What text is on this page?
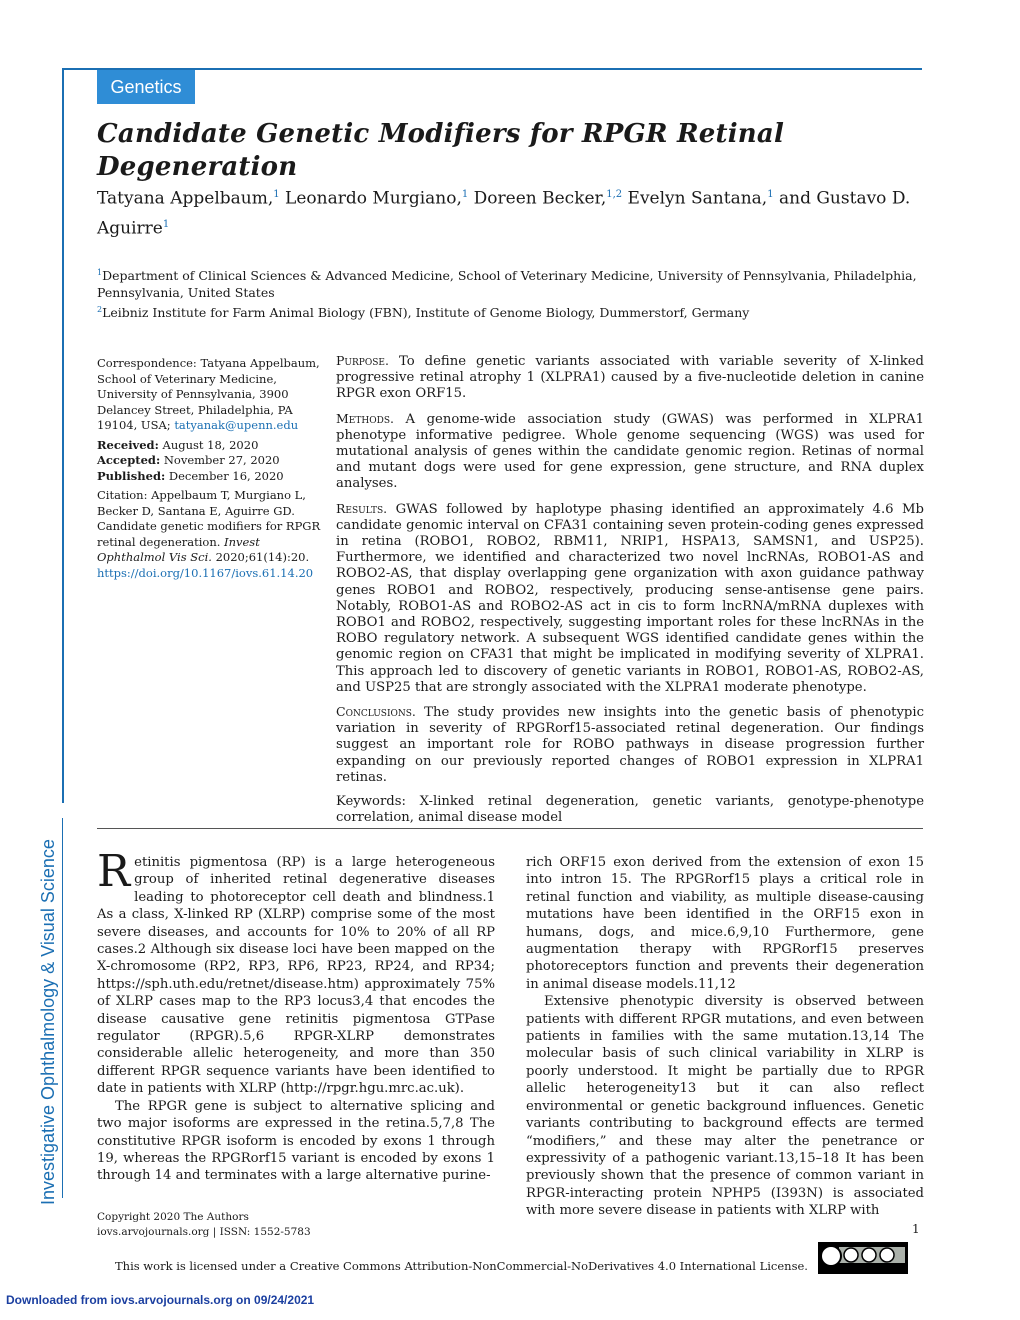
Genetics
Investigative Ophthalmology & Visual Science
Candidate Genetic Modifiers for RPGR Retinal Degeneration
Tatyana Appelbaum,$^1$ Leonardo Murgiano,$^1$ Doreen Becker,$^{1,2}$ Evelyn Santana,$^1$ and Gustavo D. Aguirre$^1$
$^1$Department of Clinical Sciences & Advanced Medicine, School of Veterinary Medicine, University of Pennsylvania, Philadelphia, Pennsylvania, United States
$^2$Leibniz Institute for Farm Animal Biology (FBN), Institute of Genome Biology, Dummerstorf, Germany

Correspondence: Tatyana Appelbaum, School of Veterinary Medicine, University of Pennsylvania, 3900 Delancey Street, Philadelphia, PA 19104, USA; tatyanak@upenn.edu

Received: August 18, 2020
Accepted: November 27, 2020
Published: December 16, 2020

Citation: Appelbaum T, Murgiano L, Becker D, Santana E, Aguirre GD. Candidate genetic modifiers for RPGR retinal degeneration. Invest Ophthalmol Vis Sci. 2020;61(14):20. https://doi.org/10.1167/iovs.61.14.20

Purpose. To define genetic variants associated with variable severity of X-linked progressive retinal atrophy 1 (XLPRA1) caused by a five-nucleotide deletion in canine RPGR exon ORF15.

Methods. A genome-wide association study (GWAS) was performed in XLPRA1 phenotype informative pedigree. Whole genome sequencing (WGS) was used for mutational analysis of genes within the candidate genomic region. Retinas of normal and mutant dogs were used for gene expression, gene structure, and RNA duplex analyses.

Results. GWAS followed by haplotype phasing identified an approximately 4.6 Mb candidate genomic interval on CFA31 containing seven protein-coding genes expressed in retina (ROBO1, ROBO2, RBM11, NRIP1, HSPA13, SAMSN1, and USP25). Furthermore, we identified and characterized two novel lncRNAs, ROBO1-AS and ROBO2-AS, that display overlapping gene organization with axon guidance pathway genes ROBO1 and ROBO2, respectively, producing sense-antisense gene pairs. Notably, ROBO1-AS and ROBO2-AS act in cis to form lncRNA/mRNA duplexes with ROBO1 and ROBO2, respectively, suggesting important roles for these lncRNAs in the ROBO regulatory network. A subsequent WGS identified candidate genes within the genomic region on CFA31 that might be implicated in modifying severity of XLPRA1. This approach led to discovery of genetic variants in ROBO1, ROBO1-AS, ROBO2-AS, and USP25 that are strongly associated with the XLPRA1 moderate phenotype.

Conclusions. The study provides new insights into the genetic basis of phenotypic variation in severity of RPGRorf15-associated retinal degeneration. Our findings suggest an important role for ROBO pathways in disease progression further expanding on our previously reported changes of ROBO1 expression in XLPRA1 retinas.

Keywords: X-linked retinal degeneration, genetic variants, genotype-phenotype correlation, animal disease model

Retinitis pigmentosa (RP) is a large heterogeneous group of inherited retinal degenerative diseases leading to photoreceptor cell death and blindness.1 As a class, X-linked RP (XLRP) comprise some of the most severe diseases, and accounts for 10% to 20% of all RP cases.2 Although six disease loci have been mapped on the X-chromosome (RP2, RP3, RP6, RP23, RP24, and RP34; https://sph.uth.edu/retnet/disease.htm) approximately 75% of XLRP cases map to the RP3 locus3,4 that encodes the disease causative gene retinitis pigmentosa GTPase regulator (RPGR).5,6 RPGR-XLRP demonstrates considerable allelic heterogeneity, and more than 350 different RPGR sequence variants have been identified to date in patients with XLRP (http://rpgr.hgu.mrc.ac.uk).

The RPGR gene is subject to alternative splicing and two major isoforms are expressed in the retina.5,7,8 The constitutive RPGR isoform is encoded by exons 1 through 19, whereas the RPGRorf15 variant is encoded by exons 1 through 14 and terminates with a large alternative purine-

rich ORF15 exon derived from the extension of exon 15 into intron 15. The RPGRorf15 plays a critical role in retinal function and viability, as multiple disease-causing mutations have been identified in the ORF15 exon in humans, dogs, and mice.6,9,10 Furthermore, gene augmentation therapy with RPGRorf15 preserves photoreceptors function and prevents their degeneration in animal disease models.11,12

Extensive phenotypic diversity is observed between patients with different RPGR mutations, and even between patients in families with the same mutation.13,14 The molecular basis of such clinical variability in XLRP is poorly understood. It might be partially due to RPGR allelic heterogeneity13 but it can also reflect environmental or genetic background influences. Genetic variants contributing to background effects are termed “modifiers,” and these may alter the penetrance or expressivity of a pathogenic variant.13,15–18 It has been previously shown that the presence of common variant in RPGR-interacting protein NPHP5 (I393N) is associated with more severe disease in patients with XLRP with

Copyright 2020 The Authors
iovs.arvojournals.org | ISSN: 1552-5783	1
This work is licensed under a Creative Commons Attribution-NonCommercial-NoDerivatives 4.0 International License.
Downloaded from iovs.arvojournals.org on 09/24/2021
